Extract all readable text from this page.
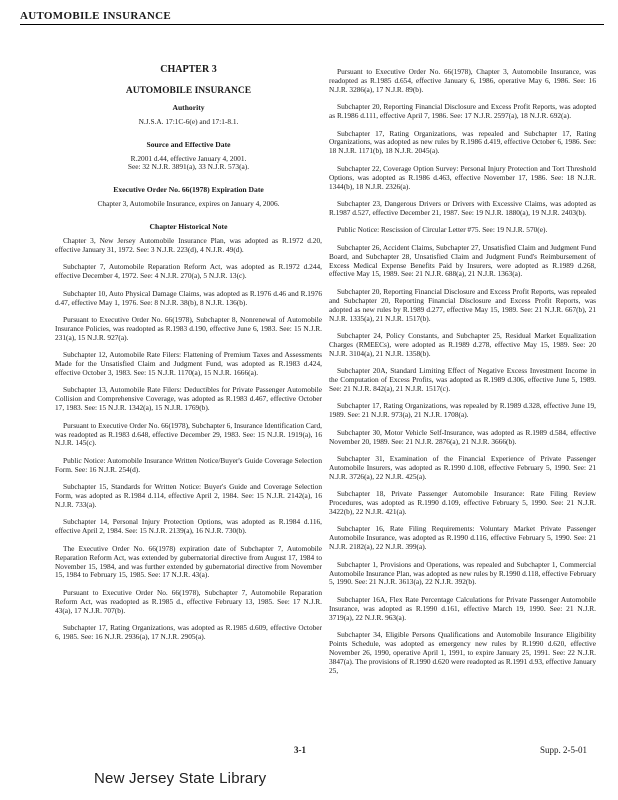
AUTOMOBILE INSURANCE
CHAPTER 3
AUTOMOBILE INSURANCE
Authority
N.J.S.A. 17:1C-6(e) and 17:1-8.1.
Source and Effective Date
R.2001 d.44, effective January 4, 2001.
See: 32 N.J.R. 3891(a), 33 N.J.R. 573(a).
Executive Order No. 66(1978) Expiration Date
Chapter 3, Automobile Insurance, expires on January 4, 2006.
Chapter Historical Note

Chapter 3, New Jersey Automobile Insurance Plan, was adopted as R.1972 d.20, effective January 31, 1972. See: 3 N.J.R. 223(d), 4 N.J.R. 49(d).

Subchapter 7, Automobile Reparation Reform Act, was adopted as R.1972 d.244, effective December 4, 1972. See: 4 N.J.R. 270(a), 5 N.J.R. 13(c).

Subchapter 10, Auto Physical Damage Claims, was adopted as R.1976 d.46 and R.1976 d.47, effective May 1, 1976. See: 8 N.J.R. 38(b), 8 N.J.R. 136(b).

Pursuant to Executive Order No. 66(1978), Subchapter 8, Nonrenewal of Automobile Insurance Policies, was readopted as R.1983 d.190, effective June 6, 1983. See: 15 N.J.R. 231(a), 15 N.J.R. 927(a).

Subchapter 12, Automobile Rate Filers: Flattening of Premium Taxes and Assessments Made for the Unsatisfied Claim and Judgment Fund, was adopted as R.1983 d.424, effective October 3, 1983. See: 15 N.J.R. 1170(a), 15 N.J.R. 1666(a).

Subchapter 13, Automobile Rate Filers: Deductibles for Private Passenger Automobile Collision and Comprehensive Coverage, was adopted as R.1983 d.467, effective October 17, 1983. See: 15 N.J.R. 1342(a), 15 N.J.R. 1769(b).

Pursuant to Executive Order No. 66(1978), Subchapter 6, Insurance Identification Card, was readopted as R.1983 d.648, effective December 29, 1983. See: 15 N.J.R. 1919(a), 16 N.J.R. 145(c).

Public Notice: Automobile Insurance Written Notice/Buyer's Guide Coverage Selection Form. See: 16 N.J.R. 254(d).

Subchapter 15, Standards for Written Notice: Buyer's Guide and Coverage Selection Form, was adopted as R.1984 d.114, effective April 2, 1984. See: 15 N.J.R. 2142(a), 16 N.J.R. 733(a).

Subchapter 14, Personal Injury Protection Options, was adopted as R.1984 d.116, effective April 2, 1984. See: 15 N.J.R. 2139(a), 16 N.J.R. 730(b).

The Executive Order No. 66(1978) expiration date of Subchapter 7, Automobile Reparation Reform Act, was extended by gubernatorial directive from August 17, 1984 to November 15, 1984, and was further extended by gubernatorial directive from November 15, 1984 to February 15, 1985. See: 17 N.J.R. 43(a).

Pursuant to Executive Order No. 66(1978), Subchapter 7, Automobile Reparation Reform Act, was readopted as R.1985 d., effective February 13, 1985. See: 17 N.J.R. 43(a), 17 N.J.R. 707(b).

Subchapter 17, Rating Organizations, was adopted as R.1985 d.609, effective October 6, 1985. See: 16 N.J.R. 2936(a), 17 N.J.R. 2905(a).

Pursuant to Executive Order No. 66(1978), Chapter 3, Automobile Insurance, was readopted as R.1985 d.654, effective January 6, 1986, operative May 6, 1986. See: 16 N.J.R. 3286(a), 17 N.J.R. 89(b).

Subchapter 20, Reporting Financial Disclosure and Excess Profit Reports, was adopted as R.1986 d.111, effective April 7, 1986. See: 17 N.J.R. 2597(a), 18 N.J.R. 692(a).

Subchapter 17, Rating Organizations, was repealed and Subchapter 17, Rating Organizations, was adopted as new rules by R.1986 d.419, effective October 6, 1986. See: 18 N.J.R. 1171(b), 18 N.J.R. 2045(a).

Subchapter 22, Coverage Option Survey: Personal Injury Protection and Tort Threshold Options, was adopted as R.1986 d.463, effective November 17, 1986. See: 18 N.J.R. 1344(b), 18 N.J.R. 2326(a).

Subchapter 23, Dangerous Drivers or Drivers with Excessive Claims, was adopted as R.1987 d.527, effective December 21, 1987. See: 19 N.J.R. 1880(a), 19 N.J.R. 2403(b).

Public Notice: Rescission of Circular Letter #75. See: 19 N.J.R. 570(e).

Subchapter 26, Accident Claims, Subchapter 27, Unsatisfied Claim and Judgment Fund Board, and Subchapter 28, Unsatisfied Claim and Judgment Fund's Reimbursement of Excess Medical Expense Benefits Paid by Insurers, were adopted as R.1989 d.268, effective May 15, 1989. See: 21 N.J.R. 688(a), 21 N.J.R. 1363(a).

Subchapter 20, Reporting Financial Disclosure and Excess Profit Reports, was repealed and Subchapter 20, Reporting Financial Disclosure and Excess Profit Reports, was adopted as new rules by R.1989 d.277, effective May 15, 1989. See: 21 N.J.R. 667(b), 21 N.J.R. 1335(a), 21 N.J.R. 1517(b).

Subchapter 24, Policy Constants, and Subchapter 25, Residual Market Equalization Charges (RMEECs), were adopted as R.1989 d.278, effective May 15, 1989. See: 20 N.J.R. 3104(a), 21 N.J.R. 1358(b).

Subchapter 20A, Standard Limiting Effect of Negative Excess Investment Income in the Computation of Excess Profits, was adopted as R.1989 d.306, effective June 5, 1989. See: 21 N.J.R. 842(a), 21 N.J.R. 1517(c).

Subchapter 17, Rating Organizations, was repealed by R.1989 d.328, effective June 19, 1989. See: 21 N.J.R. 973(a), 21 N.J.R. 1708(a).

Subchapter 30, Motor Vehicle Self-Insurance, was adopted as R.1989 d.584, effective November 20, 1989. See: 21 N.J.R. 2876(a), 21 N.J.R. 3666(b).

Subchapter 31, Examination of the Financial Experience of Private Passenger Automobile Insurers, was adopted as R.1990 d.108, effective February 5, 1990. See: 21 N.J.R. 3726(a), 22 N.J.R. 425(a).

Subchapter 18, Private Passenger Automobile Insurance: Rate Filing Review Procedures, was adopted as R.1990 d.109, effective February 5, 1990. See: 21 N.J.R. 3422(b), 22 N.J.R. 421(a).

Subchapter 16, Rate Filing Requirements: Voluntary Market Private Passenger Automobile Insurance, was adopted as R.1990 d.116, effective February 5, 1990. See: 21 N.J.R. 2182(a), 22 N.J.R. 399(a).

Subchapter 1, Provisions and Operations, was repealed and Subchapter 1, Commercial Automobile Insurance Plan, was adopted as new rules by R.1990 d.118, effective February 5, 1990. See: 21 N.J.R. 3613(a), 22 N.J.R. 392(b).

Subchapter 16A, Flex Rate Percentage Calculations for Private Passenger Automobile Insurance, was adopted as R.1990 d.161, effective March 19, 1990. See: 21 N.J.R. 3719(a), 22 N.J.R. 963(a).

Subchapter 34, Eligible Persons Qualifications and Automobile Insurance Eligibility Points Schedule, was adopted as emergency new rules by R.1990 d.620, effective November 26, 1990, operative April 1, 1991, to expire January 25, 1991. See: 22 N.J.R. 3847(a). The provisions of R.1990 d.620 were readopted as R.1991 d.93, effective January 25,

3-1	Supp. 2-5-01
New Jersey State Library
